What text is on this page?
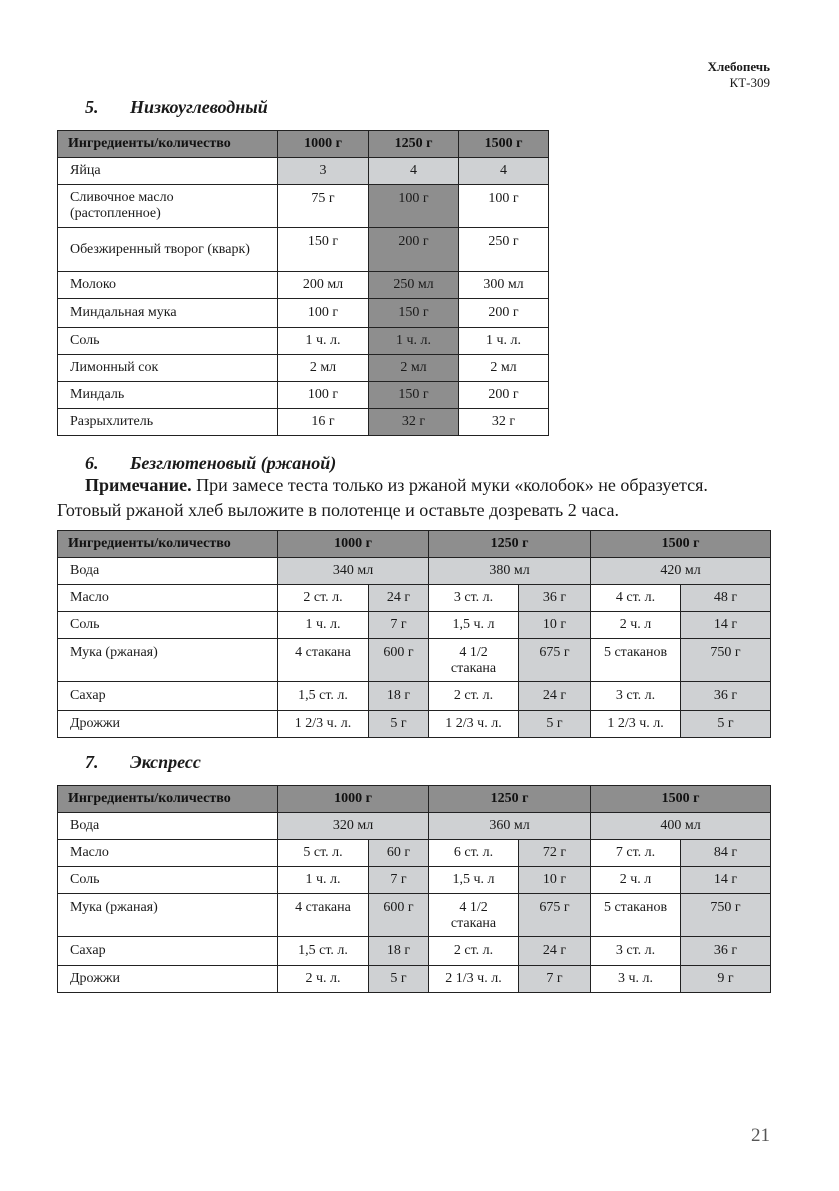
Хлебопечь
КТ-309
5. Низкоуглеводный
Ингредиенты/количество	1000 г	1250 г	1500 г
Яйца	3	4	4
Сливочное масло (растопленное)	75 г	100 г	100 г
Обезжиренный творог (кварк)	150 г	200 г	250 г
Молоко	200 мл	250 мл	300 мл
Миндальная мука	100 г	150 г	200 г
Соль	1 ч. л.	1 ч. л.	1 ч. л.
Лимонный сок	2 мл	2 мл	2 мл
Миндаль	100 г	150 г	200 г
Разрыхлитель	16 г	32 г	32 г
6. Безглютеновый (ржаной)
Примечание. При замесе теста только из ржаной муки «колобок» не образуется.
Готовый ржаной хлеб выложите в полотенце и оставьте дозревать 2 часа.
Ингредиенты/количество	1000 г		1250 г		1500 г	
Вода	340 мл		380 мл		420 мл	
Масло	2 ст. л.	24 г	3 ст. л.	36 г	4 ст. л.	48 г
Соль	1 ч. л.	7 г	1,5 ч. л	10 г	2 ч. л	14 г
Мука (ржаная)	4 стакана	600 г	4 1/2 стакана	675 г	5 стаканов	750 г
Сахар	1,5 ст. л.	18 г	2 ст. л.	24 г	3 ст. л.	36 г
Дрожжи	1 2/3 ч. л.	5 г	1 2/3 ч. л.	5 г	1 2/3 ч. л.	5 г
7. Экспресс
Ингредиенты/количество	1000 г		1250 г		1500 г	
Вода	320 мл		360 мл		400 мл	
Масло	5 ст. л.	60 г	6 ст. л.	72 г	7 ст. л.	84 г
Соль	1 ч. л.	7 г	1,5 ч. л	10 г	2 ч. л	14 г
Мука (ржаная)	4 стакана	600 г	4 1/2 стакана	675 г	5 стаканов	750 г
Сахар	1,5 ст. л.	18 г	2 ст. л.	24 г	3 ст. л.	36 г
Дрожжи	2 ч. л.	5 г	2 1/3 ч. л.	7 г	3 ч. л.	9 г
21
